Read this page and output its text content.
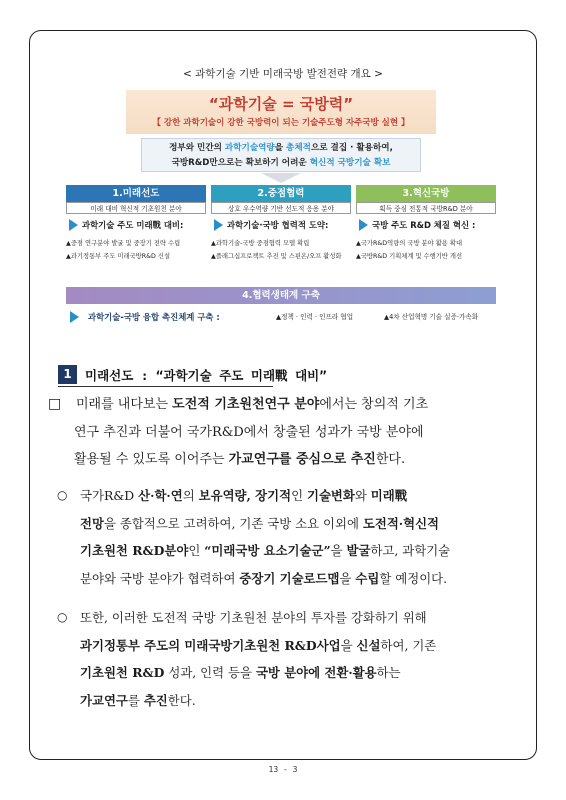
< 과학기술 기반 미래국방 발전전략 개요 >
“과학기술 = 국방력”
【 강한 과학기술이 강한 국방력이 되는 기술주도형 자주국방 실현 】
정부와 민간의 과학기술역량을 총체적으로 결집 · 활용하여,
국방R&D만으로는 확보하기 어려운 혁신적 국방기술 확보
1.미래선도
미래 대비 혁신적 기초원천 분야
과학기술 주도 미래戰 대비:
▲중점 연구분야 발굴 및 중장기 전략 수립
▲과기정통부 주도 미래국방R&D 신설
2.중점협력
상호 우수역량 기반 선도적 응용 분야
과학기술·국방 협력적 도약:
▲과학기술-국방 중점협력 모델 확립
▲플래그십프로젝트 추진 및 스핀온/오프 활성화
3.혁신국방
획득 중심 전통적 국방R&D 분야
국방 주도 R&D 체질 혁신 :
▲국가R&D역량의 국방 분야 활용 확대
▲국방R&D 기획체계 및 수행기반 개선
4.협력생태계 구축
과학기술-국방 융합 촉진체계 구축 :	▲정책 · 인력 · 인프라 협업	▲4차 산업혁명 기술 실증·가속화
1	미래선도 : “과학기술 주도 미래戰 대비”
□ 미래를 내다보는 도전적 기초원천연구 분야에서는 창의적 기초
연구 추진과 더불어 국가R&D에서 창출된 성과가 국방 분야에
활용될 수 있도록 이어주는 가교연구를 중심으로 추진한다.
○ 국가R&D 산·학·연의 보유역량, 장기적인 기술변화와 미래戰
전망을 종합적으로 고려하여, 기존 국방 소요 이외에 도전적·혁신적
기초원천 R&D분야인 “미래국방 요소기술군”을 발굴하고, 과학기술
분야와 국방 분야가 협력하여 중장기 기술로드맵을 수립할 예정이다.
○ 또한, 이러한 도전적 국방 기초원천 분야의 투자를 강화하기 위해
과기정통부 주도의 미래국방기초원천 R&D사업을 신설하여, 기존
기초원천 R&D 성과, 인력 등을 국방 분야에 전환·활용하는
가교연구를 추진한다.
13 - 3
